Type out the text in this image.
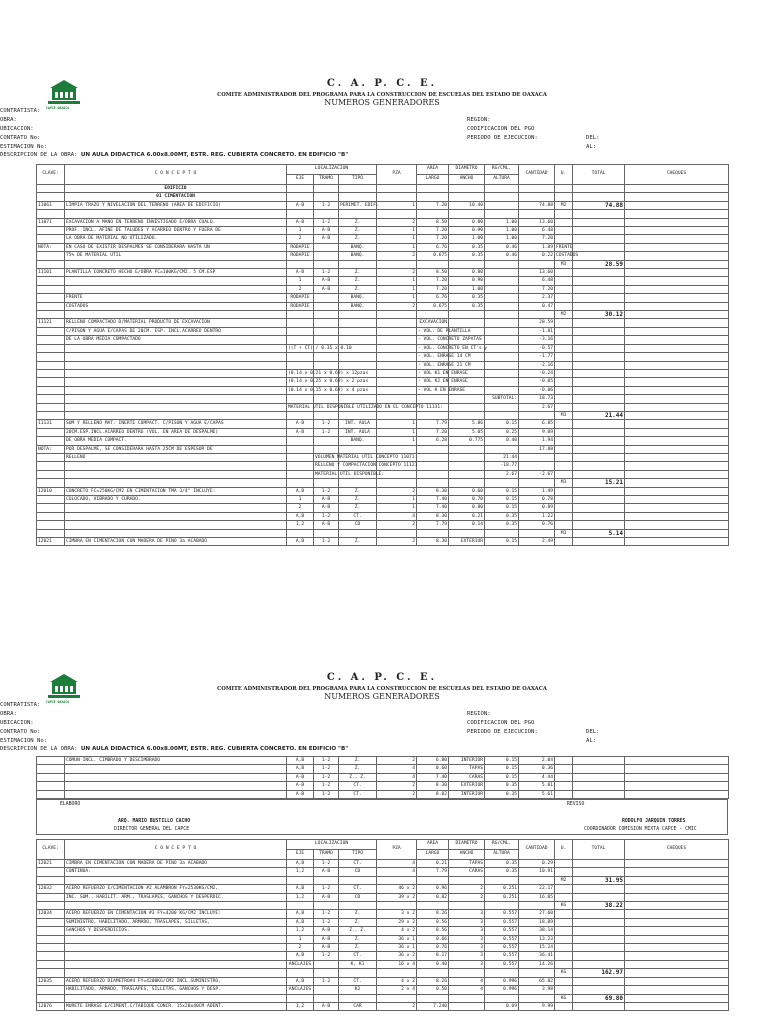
CAPCE OAXACA
C. A. P. C. E.
COMITE ADMINISTRADOR DEL PROGRAMA PARA LA CONSTRUCCION DE ESCUELAS DEL ESTADO DE OAXACA
NUMEROS GENERADORES
CONTRATISTA:
OBRA:
UBICACION:
CONTRATO No:
ESTIMACION No:
REGION:
CODIFICACION DEL PGO
PERIODO DE EJECUCION:	DEL:
AL:
DESCRIPCION DE LA OBRA: UN AULA DIDACTICA 6.00x8.00MT, ESTR. REG. CUBIERTA CONCRETO. EN EDIFICIO "B"
CLAVE:	C O N C E P T O	LOCALIZACION			PZA	AREA	DIAMETRO	RG/CML.	CANTIDAD	U.	TOTAL	CHEQUES
		EJE	TRAMO	TIPO		LARGO	ANCHO	ALTURA				
	EDIFICIO											
	01 CIMENTACION											
11061	LIMPIA TRAZO Y NIVELACION DEL TERRENO (AREA DE EDIFICIO)	A-B	1-2	PERIMET. EDIF.	1	7.20	10.40		74.88	M2	74.88	

11071	EXCAVACION A MANO EN TERRENO INVESTIGADO E/OBRA CUALQ.	A-B	1-2	Z.	2	8.50	0.80	1.00	13.60			
	PROF. INCL. AFINE DE TALUDES Y ACARREO DENTRO Y FUERA DE	1	A-B	Z.	1	7.20	0.90	1.00	6.48			
	LA OBRA DE MATERIAL NO UTILIZADO.	2	A-B	Z.	1	7.20	1.00	1.00	7.20			
NOTA:	EN CASO DE EXISTIR DESPALMES SE CONSIDERARA HASTA UN	RODAPIE		BANQ.	1	6.76	0.35	0.46	1.09	FRENTE		
	75% DE MATERIAL UTIL	RODAPIE		BANQ.	2	0.675	0.35	0.46	0.22	COSTADOS		
										M3	28.59	
11101	PLANTILLA CONCRETO HECHO E/OBRA FC=100KG/CM2. 5 CM.ESP	A-B	1-2	Z.	2	8.50	0.80		13.60			
		1	A-B	Z.	1	7.20	0.90		6.48			
		2	A-B	Z.	1	7.20	1.00		7.20			
	FRENTE	RODAPIE		BANQ.	1	6.76	0.35		2.37			
	COSTADOS	RODAPIE		BANQ.	2	0.675	0.35		0.47			
										M2	30.12	
11121	RELLENO COMPACTADO D/MATERIAL PRODUCTO DE EXCAVACION					EXCAVACION			28.59			
	C/PISON Y AGUA E/CAPAS DE 20CM. ESP. INCL.ACARREO DENTRO					- VOL. DE PLANTILLA			-1.81			
	DE LA OBRA MEDIA COMPACTADO					- VOL. CONCRETO ZAPATAS			-3.16			
		((T + CT) / 0.35 x 0.10				- VOL. CONCRETO EN CT's y			-0.57			
						- VOL. ENRASE 14 CM			-1.77			
						- VOL. ENRASE 21 CM			-2.16			
		(0.14 x 0.21 x 0.69) x 12pzas				- VOL K1 EN ENRASE			-0.24			
		(0.14 x 0.25 x 0.69) x 2 pzas				- VOL K2 EN ENRASE			-0.05			
		(0.14 x 0.15 x 0.69) x 4 pzas				- VOL K EN ENRASE			-0.06			
								SUBTOTAL:	18.73			
		MATERIAL UTIL DISPONIBLE UTILIZADO EN EL CONCEPTO 11131:							2.67			
										M3	21.44	
11131	SUM Y RELLENO MAT. INERTE COMPACT. C/PISON Y AGUA E/CAPAS	A-B	1-2	INT. AULA	1	7.79	5.86	0.15	6.85			
	20CM.ESP.INCL.ACARREO DENTRO (VOL. EN AREA DE DESPALME)	A-B	1-2	INT. AULA	1	7.20	5.05	0.25	9.09			
	DE OBRA MEDIA COMPACT.			BANQ.	1	6.28	0.775	0.40	1.94			
NOTA:	POR DESPALME, SE CONSIDERARA HASTA 25CM DE ESPESOR DE								17.88			
	RELLENO		VOLUMEN MATERIAL UTIL CONCEPTO 11071:					21.44				
			RELLENO Y COMPACTACION CONCEPTO 11121					-18.77				
			MATERIAL UTIL DISPONIBLE:					2.67	-2.67			
										M3	15.21	
12010	CONCRETO FC=250KG/CM2 EN CIMENTACION TMA 3/4" INCLUYE:	A,B	1-2	Z.	2	8.30	0.60	0.15	1.49			
	COLOCADO, VIBRADO Y CURADO.	1	A-B	Z.	1	7.40	0.70	0.15	0.78			
		2	A-B	Z.	1	7.40	0.80	0.15	0.89			
		A,B	1-2	CT.	4	8.30	0.21	0.35	1.22			
		1,2	A-B	CD	2	7.79	0.14	0.35	0.76			
										M3	5.14	
12021	CIMBRA EN CIMENTACION CON MADERA DE PINO 3a ACABADO	A,B	1-2	Z.	2	8.30	EXTERIOR	0.15	2.49			
CAPCE OAXACA
C. A. P. C. E.
COMITE ADMINISTRADOR DEL PROGRAMA PARA LA CONSTRUCCION DE ESCUELAS DEL ESTADO DE OAXACA
NUMEROS GENERADORES
CONTRATISTA:
OBRA:
UBICACION:
CONTRATO No:
ESTIMACION No:
REGION:
CODIFICACION DEL PGO
PERIODO DE EJECUCION:	DEL:
AL:
DESCRIPCION DE LA OBRA: UN AULA DIDACTICA 6.00x8.00MT, ESTR. REG. CUBIERTA CONCRETO. EN EDIFICIO "B"
	COMUN INCL. CIMBRADO Y DESCIMBRADO	A,B	1-2	Z.	2	6.80	INTERIOR	0.15	2.04			
		A,B	1-2	Z.	4	0.60	TAPAS	0.15	0.36			
		A-B	1-2	Z., Z.	4	7.40	CARAS	0.15	4.44			
		A-B	1-2	CT.	2	8.30	EXTERIOR	0.35	5.81			
		A-B	1-2	CT.	2	8.02	INTERIOR	0.35	5.61			
ELABORO	REVISO
ARQ. MARIO BUSTILLO CACHO
DIRECTOR GENERAL DEL CAPCE
RODOLFO JARQUIN TORRES
COORDINADOR COMISION MIXTA CAPCE - CMIC
CLAVE:	C O N C E P T O	LOCALIZACION			PZA	AREA	DIAMETRO	RG/CML.	CANTIDAD	U.	TOTAL	CHEQUES
		EJE	TRAMO	TIPO		LARGO	ANCHO	ALTURA				
12021	CIMBRA EN CIMENTACION CON MADERA DE PINO 3a ACABADO	A,B	1-2	CT.	4	0.21	TAPAS	0.35	0.29			
	CONTINUA.	1,2	A-B	CD	4	7.79	CARAS	0.35	10.91			
										M2	31.95	
12032	ACERO REFUERZO E/CIMENTACION #2 ALAMBRON FY=2530KG/CM2,	A,B	1-2	CT.	46 x 2	0.96	2	0.251	22.17			
	INC. SUM., HABILIT. ARM., TRASLAPES, GANCHOS Y DESPERDIC.	1,2	A-B	CD	39 x 2	0.82	2	0.251	16.05			
										KG	38.22	
12034	ACERO REFUERZO EN CIMENTACION #3 FY=4200 KG/CM2 INCLUYE:	A,B	1-2	Z.	3 x 2	8.26	3	0.557	27.60			
	SUMINISTRO, HABILITADO, ARMADO, TRASLAPES, SILLETAS,	A,B	1-2	Z.	29 x 2	0.56	3	0.557	18.09			
	GANCHOS Y DESPERDICIOS.	1,2	A-B	Z., Z.	4 x 2	8.56	3	0.557	38.14			
		1	A-B	Z.	36 x 1	0.66	3	0.557	13.23			
		2	A-B	Z.	36 x 1	0.76	3	0.557	15.24			
		A,B	1-2	CT.	36 x 2	8.17	3	0.557	36.41			
		ANCLAJES		K, K1	16 x 4	0.40	3	0.557	14.26			
										KG	162.97	
12035	ACERO REFUERZO DIAMETRO#4 FY=4200KG/CM2 INCL.SUMINISTRO,	A,B	1-2	CT.	4 x 2	8.26	4	0.996	65.82			
	HABILITADO, ARMADO, TRASLAPES, SILLETAS, GANCHOS Y DESP.	ANCLAJES		K2	2 x 4	0.50	4	0.996	3.98			
										KG	69.80	
12076	MURETE ENRASE E/CIMENT.C/TABIQUE CONCR. 15x20x40CM ADENT.	1,2	A-B	CAR	2	7.240		0.69	9.99			
